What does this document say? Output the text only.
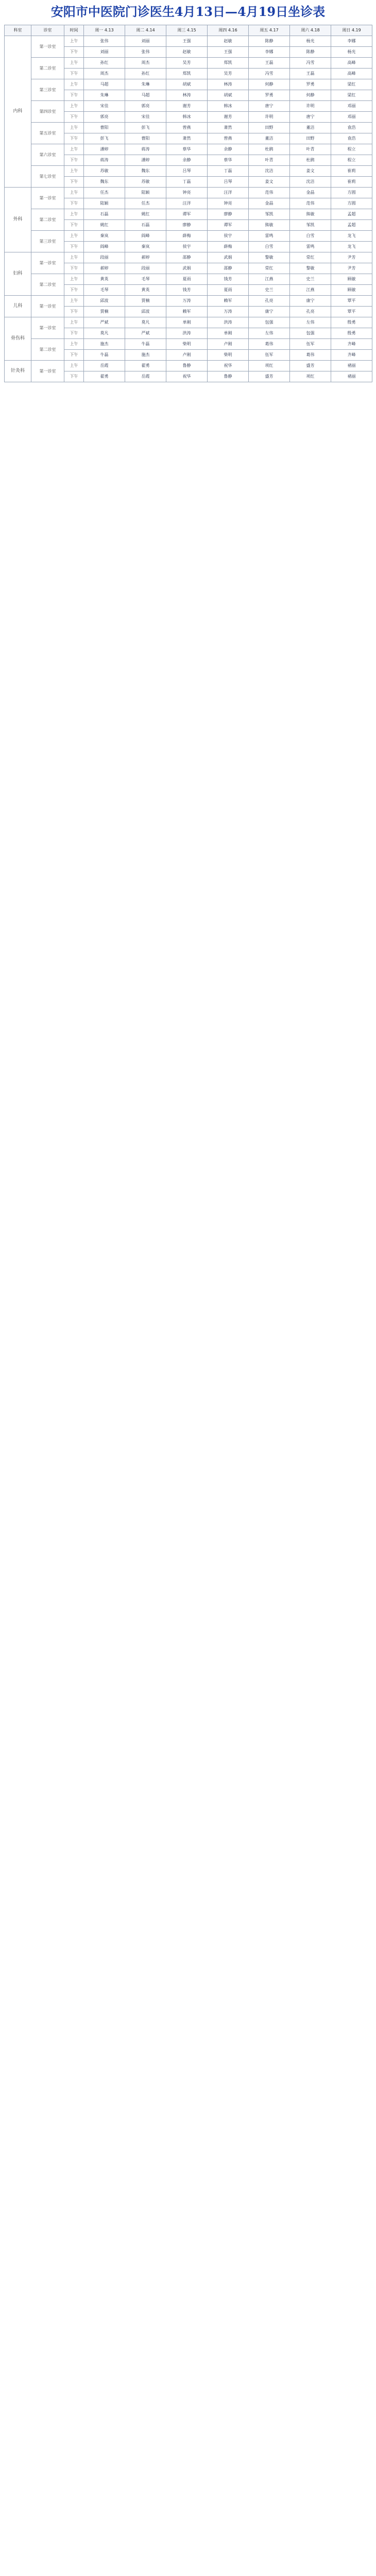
安阳市中医院门诊医生4月13日—4月19日坐诊表
科室	诊室	时间	周一 4.13	周二 4.14	周三 4.15	周四 4.16	周五 4.17	周六 4.18	周日 4.19
内科	第一诊室	上午	张伟	刘丽	王强	赵敏	陈静	杨光	李娜
		下午	刘丽	张伟	赵敏	王强	李娜	陈静	杨光
	第二诊室	上午	孙红	周杰	吴芳	郑凯	王磊	冯雪	高峰
		下午	周杰	孙红	郑凯	吴芳	冯雪	王磊	高峰
	第三诊室	上午	马超	朱琳	胡斌	林涛	何静	罗勇	梁红
		下午	朱琳	马超	林涛	胡斌	罗勇	何静	梁红
	第四诊室	上午	宋佳	郭亮	谢芳	韩冰	唐宁	许明	邓丽
		下午	郭亮	宋佳	韩冰	谢芳	许明	唐宁	邓丽
	第五诊室	上午	曹阳	彭飞	曾燕	萧然	田野	董洁	袁浩
		下午	彭飞	曹阳	萧然	曾燕	董洁	田野	袁浩
	第六诊室	上午	潘婷	蒋涛	蔡华	余静	杜鹃	叶青	程立
		下午	蒋涛	潘婷	余静	蔡华	叶青	杜鹃	程立
	第七诊室	上午	苏敏	魏东	吕琴	丁磊	沈洁	姜文	崔莉
		下午	魏东	苏敏	丁磊	吕琴	姜文	沈洁	崔莉
外科	第一诊室	上午	任杰	陆颖	钟亮	汪洋	范伟	金晶	方圆
		下午	陆颖	任杰	汪洋	钟亮	金晶	范伟	方圆
	第二诊室	上午	石磊	姚红	谭军	廖静	邹凯	熊敏	孟超
		下午	姚红	石磊	廖静	谭军	熊敏	邹凯	孟超
	第三诊室	上午	秦岚	阎峰	薛梅	侯宇	雷鸣	白雪	龙飞
		下午	阎峰	秦岚	侯宇	薛梅	白雪	雷鸣	龙飞
妇科	第一诊室	上午	段丽	郝婷	邵静	武娟	黎敏	常红	尹芳
		下午	郝婷	段丽	武娟	邵静	常红	黎敏	尹芳
	第二诊室	上午	黄英	毛琴	夏雨	钱芳	江燕	史兰	顾敏
		下午	毛琴	黄英	钱芳	夏雨	史兰	江燕	顾敏
儿科	第一诊室	上午	邱波	贾楠	万涛	赖军	孔亮	康宁	覃平
		下午	贾楠	邱波	赖军	万涛	康宁	孔亮	覃平
骨伤科	第一诊室	上午	严斌	莫凡	单刚	洪涛	包强	左伟	殷勇
		下午	莫凡	严斌	洪涛	单刚	左伟	包强	殷勇
	第二诊室	上午	施杰	牛磊	柴明	卢刚	葛伟	伍军	齐峰
		下午	牛磊	施杰	卢刚	柴明	伍军	葛伟	齐峰
针灸科	第一诊室	上午	岳霞	翟勇	鲁静	祝华	项红	盛芳	褚丽
		下午	翟勇	岳霞	祝华	鲁静	盛芳	项红	褚丽
